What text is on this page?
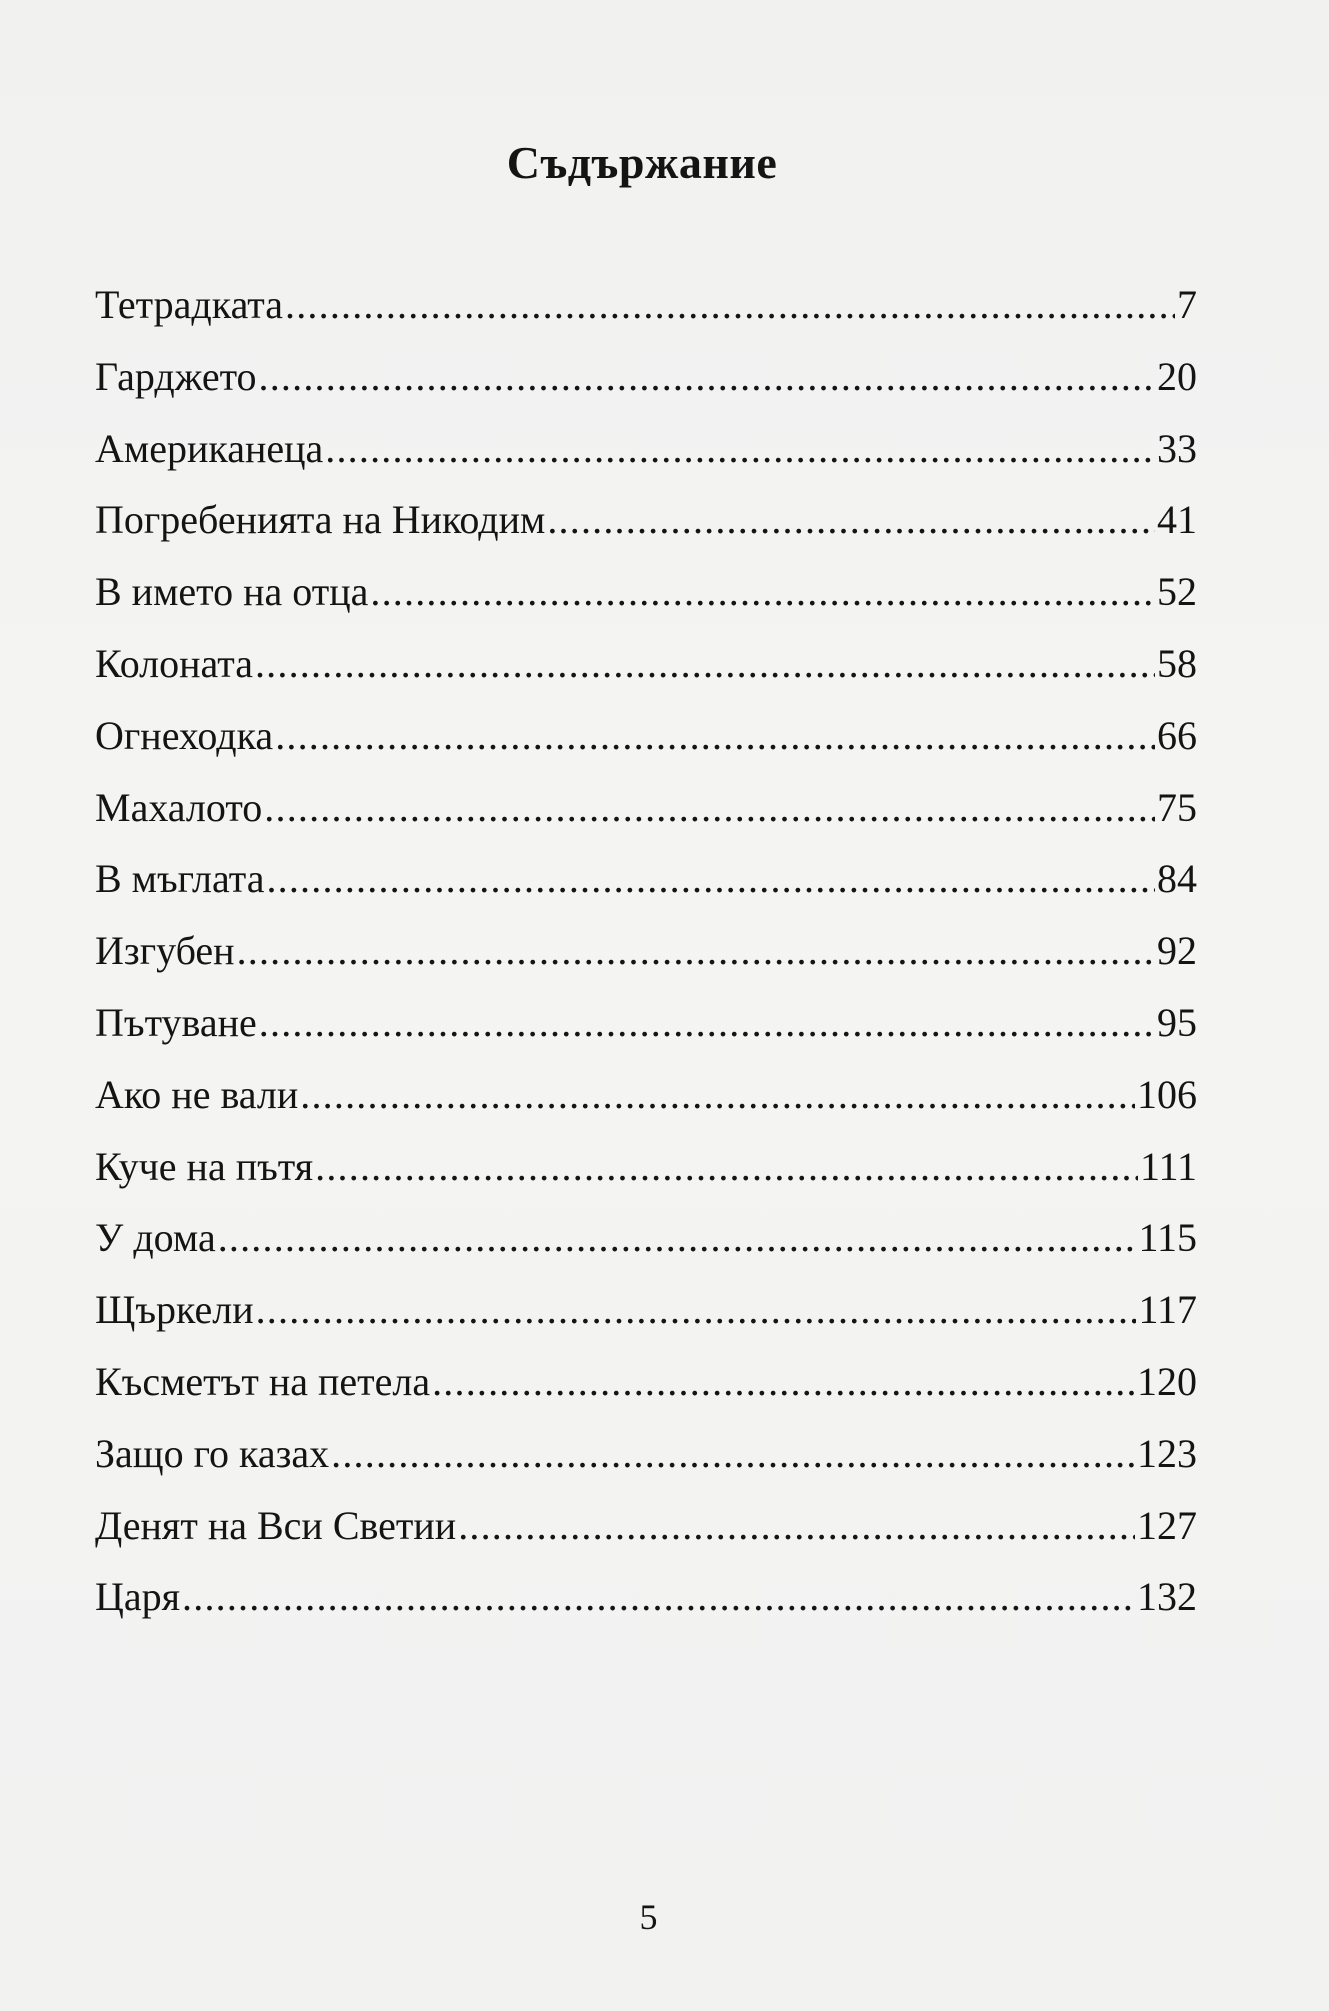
Съдържание
Тетрадката .....	7
Гарджето .....	20
Американеца .....	33
Погребенията на Никодим .....	41
В името на отца .....	52
Колоната .....	58
Огнеходка .....	66
Махалото .....	75
В мъглата .....	84
Изгубен .....	92
Пътуване .....	95
Ако не вали .....	106
Куче на пътя .....	111
У дома .....	115
Щъркели .....	117
Късметът на петела .....	120
Защо го казах .....	123
Денят на Вси Светии .....	127
Царя .....	132
5
